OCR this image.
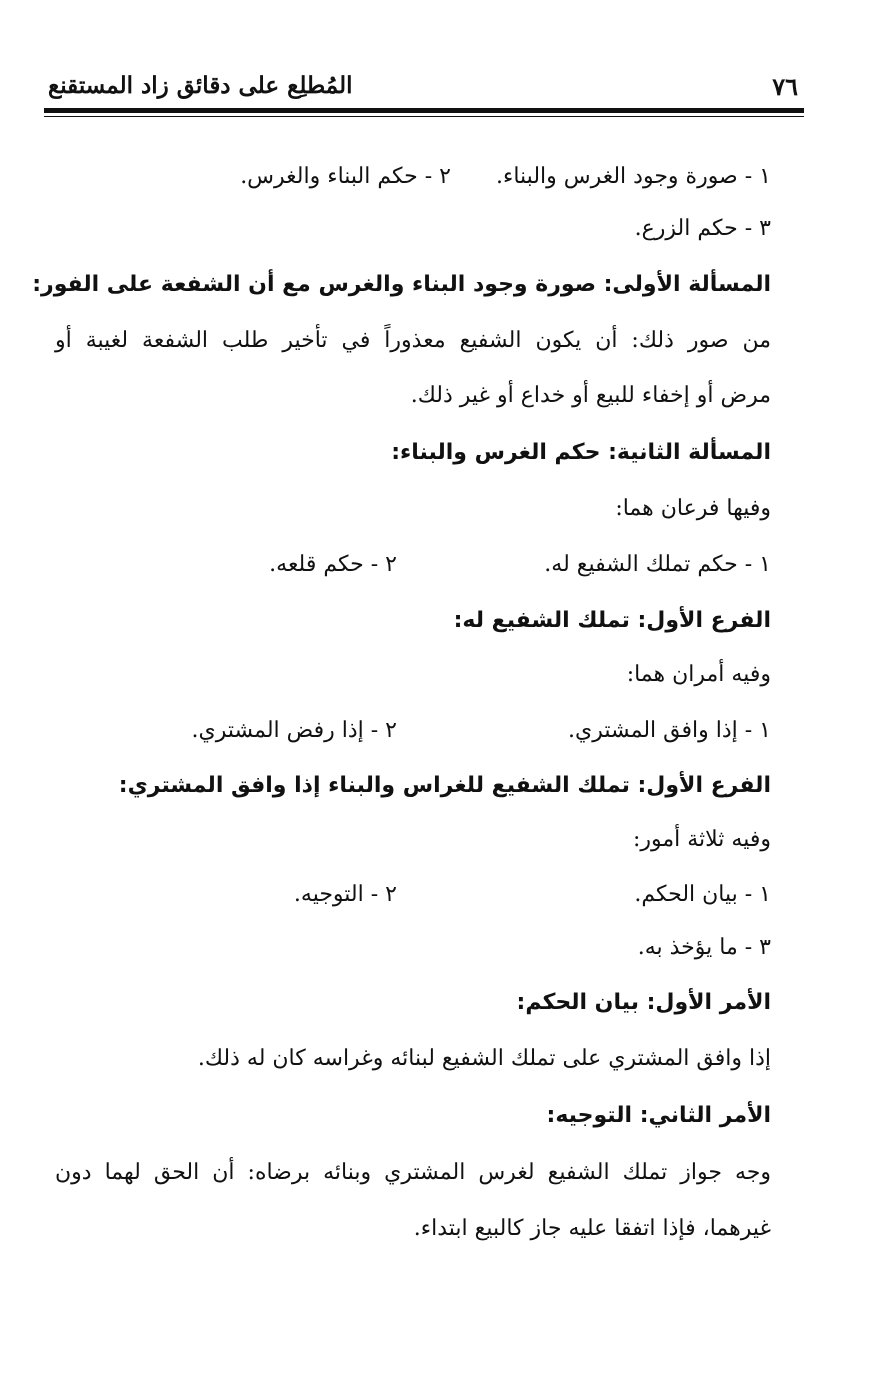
٧٦
المُطلِع على دقائق زاد المستقنع
١ - صورة وجود الغرس والبناء.
٢ - حكم البناء والغرس.
٣ - حكم الزرع.
المسألة الأولى: صورة وجود البناء والغرس مع أن الشفعة على الفور:
من صور ذلك: أن يكون الشفيع معذوراً في تأخير طلب الشفعة لغيبة أو
مرض أو إخفاء للبيع أو خداع أو غير ذلك.
المسألة الثانية: حكم الغرس والبناء:
وفيها فرعان هما:
١ - حكم تملك الشفيع له.
٢ - حكم قلعه.
الفرع الأول: تملك الشفيع له:
وفيه أمران هما:
١ - إذا وافق المشتري.
٢ - إذا رفض المشتري.
الفرع الأول: تملك الشفيع للغراس والبناء إذا وافق المشتري:
وفيه ثلاثة أمور:
١ - بيان الحكم.
٢ - التوجيه.
٣ - ما يؤخذ به.
الأمر الأول: بيان الحكم:
إذا وافق المشتري على تملك الشفيع لبنائه وغراسه كان له ذلك.
الأمر الثاني: التوجيه:
وجه جواز تملك الشفيع لغرس المشتري وبنائه برضاه: أن الحق لهما دون
غيرهما، فإذا اتفقا عليه جاز كالبيع ابتداء.
